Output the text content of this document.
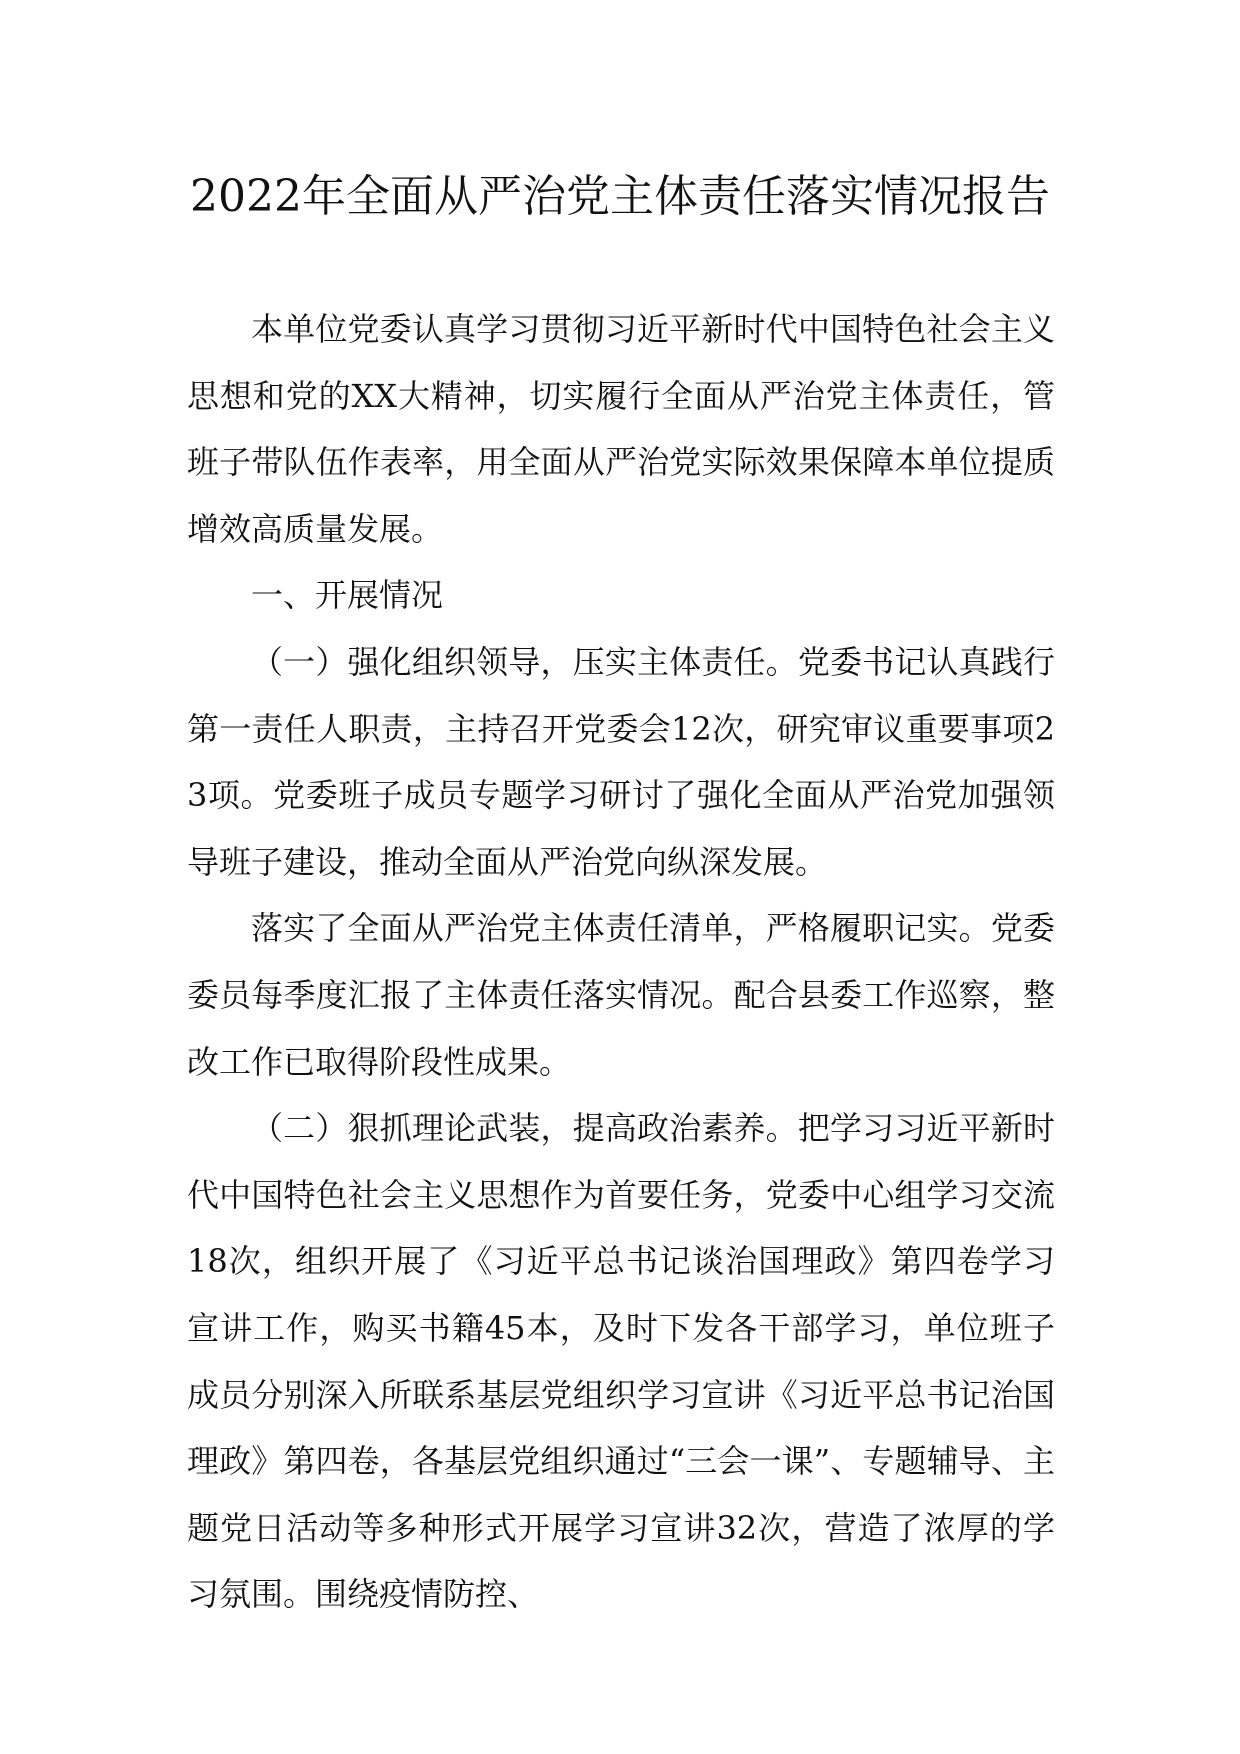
2022年全面从严治党主体责任落实情况报告

本单位党委认真学习贯彻习近平新时代中国特色社会主义思想和党的XX大精神，切实履行全面从严治党主体责任，管班子带队伍作表率，用全面从严治党实际效果保障本单位提质增效高质量发展。

一、开展情况

（一）强化组织领导，压实主体责任。党委书记认真践行第一责任人职责，主持召开党委会12次，研究审议重要事项23项。党委班子成员专题学习研讨了强化全面从严治党加强领导班子建设，推动全面从严治党向纵深发展。

落实了全面从严治党主体责任清单，严格履职记实。党委委员每季度汇报了主体责任落实情况。配合县委工作巡察，整改工作已取得阶段性成果。

（二）狠抓理论武装，提高政治素养。把学习习近平新时代中国特色社会主义思想作为首要任务，党委中心组学习交流18次，组织开展了《习近平总书记谈治国理政》第四卷学习宣讲工作，购买书籍45本，及时下发各干部学习，单位班子成员分别深入所联系基层党组织学习宣讲《习近平总书记治国理政》第四卷，各基层党组织通过“三会一课”、专题辅导、主题党日活动等多种形式开展学习宣讲32次，营造了浓厚的学习氛围。围绕疫情防控、
